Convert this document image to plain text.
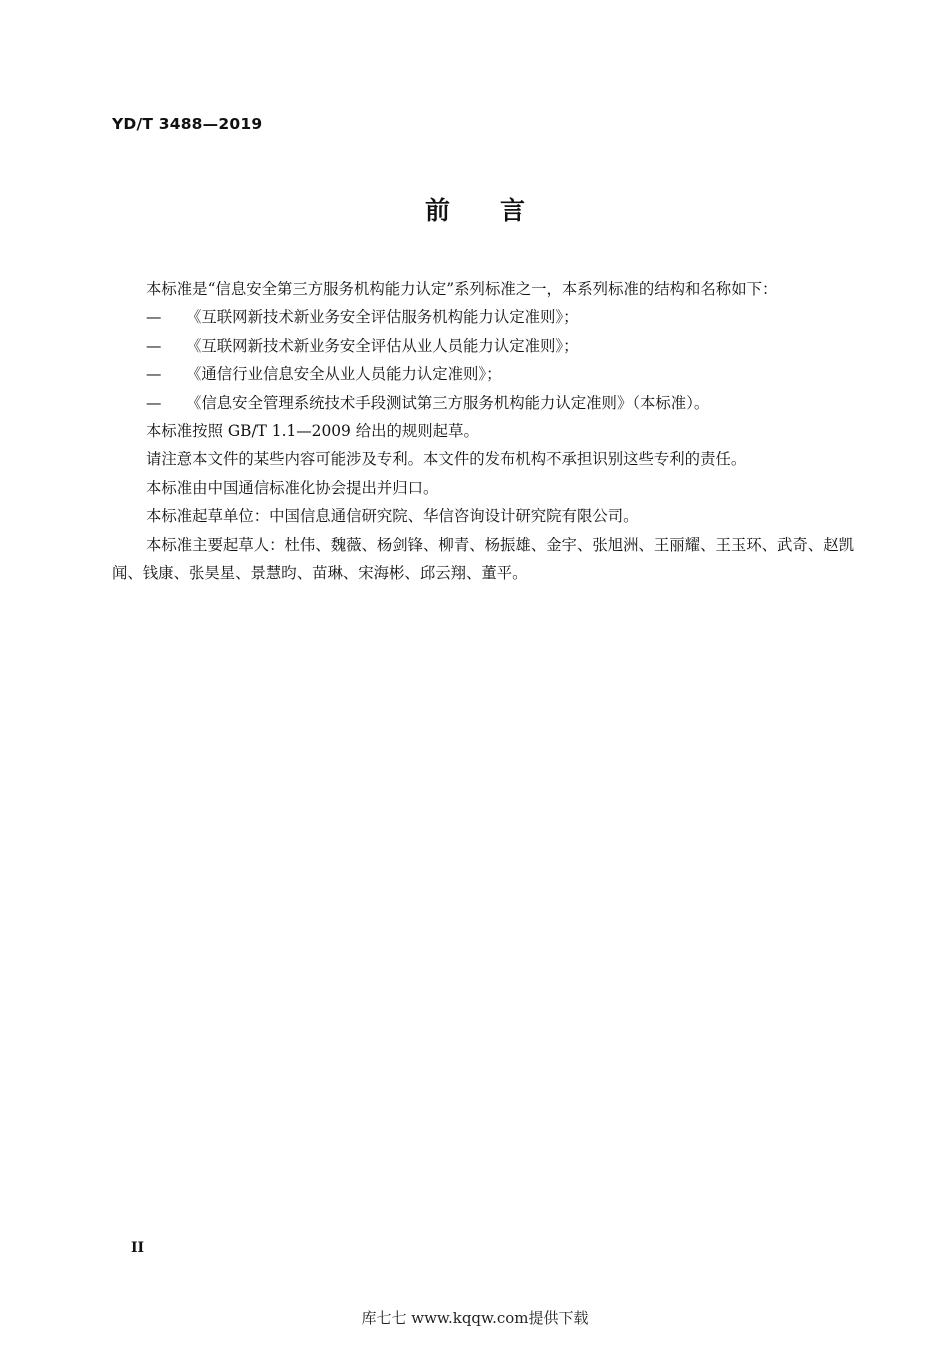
YD/T 3488—2019
前 言

本标准是“信息安全第三方服务机构能力认定”系列标准之一，本系列标准的结构和名称如下：

— 《互联网新技术新业务安全评估服务机构能力认定准则》；
— 《互联网新技术新业务安全评估从业人员能力认定准则》；
— 《通信行业信息安全从业人员能力认定准则》；
— 《信息安全管理系统技术手段测试第三方服务机构能力认定准则》（本标准）。

本标准按照 GB/T 1.1—2009 给出的规则起草。

请注意本文件的某些内容可能涉及专利。本文件的发布机构不承担识别这些专利的责任。

本标准由中国通信标准化协会提出并归口。

本标准起草单位：中国信息通信研究院、华信咨询设计研究院有限公司。

本标准主要起草人：杜伟、魏薇、杨剑锋、柳青、杨振雄、金宇、张旭洲、王丽耀、王玉环、武奇、赵凯闻、钱康、张昊星、景慧昀、苗琳、宋海彬、邱云翔、董平。

II
库七七 www.kqqw.com提供下载
